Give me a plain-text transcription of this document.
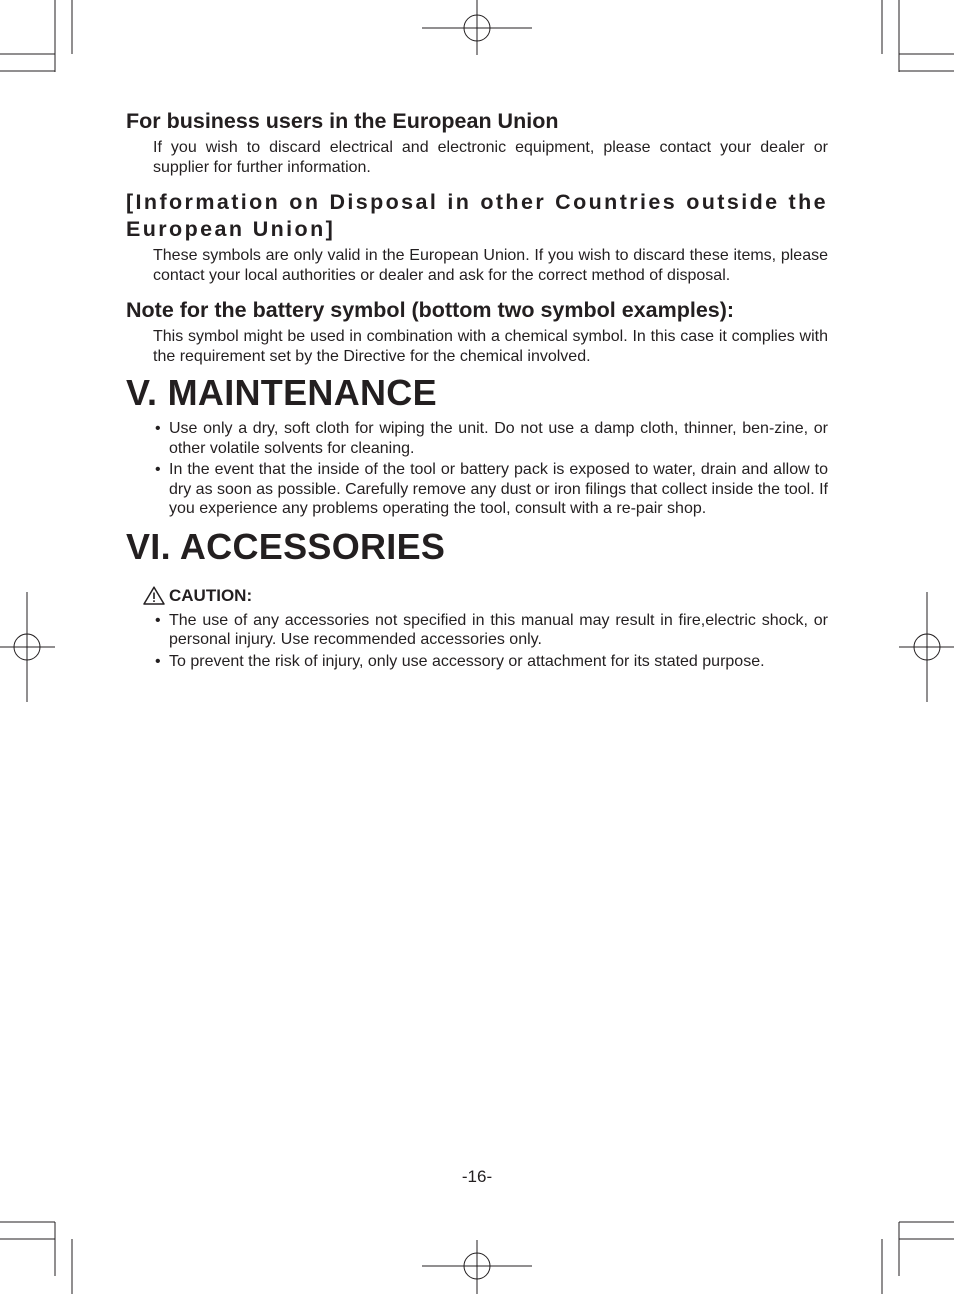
For business users in the European Union

If you wish to discard electrical and electronic equipment, please contact your dealer or supplier for further information.

[Information on Disposal in other Countries outside the European Union]

These symbols are only valid in the European Union. If you wish to discard these items, please contact your local authorities or dealer and ask for the correct method of disposal.

Note for the battery symbol (bottom two symbol examples):

This symbol might be used in combination with a chemical symbol. In this case it complies with the requirement set by the Directive for the chemical involved.

V. MAINTENANCE
• Use only a dry, soft cloth for wiping the unit. Do not use a damp cloth, thinner, ben-zine, or other volatile solvents for cleaning.
• In the event that the inside of the tool or battery pack is exposed to water, drain and allow to dry as soon as possible. Carefully remove any dust or iron filings that collect inside the tool. If you experience any problems operating the tool, consult with a re-pair shop.
VI. ACCESSORIES
CAUTION:
• The use of any accessories not specified in this manual may result in fire,electric shock, or personal injury. Use recommended accessories only.
• To prevent the risk of injury, only use accessory or attachment for its stated purpose.
-16-
